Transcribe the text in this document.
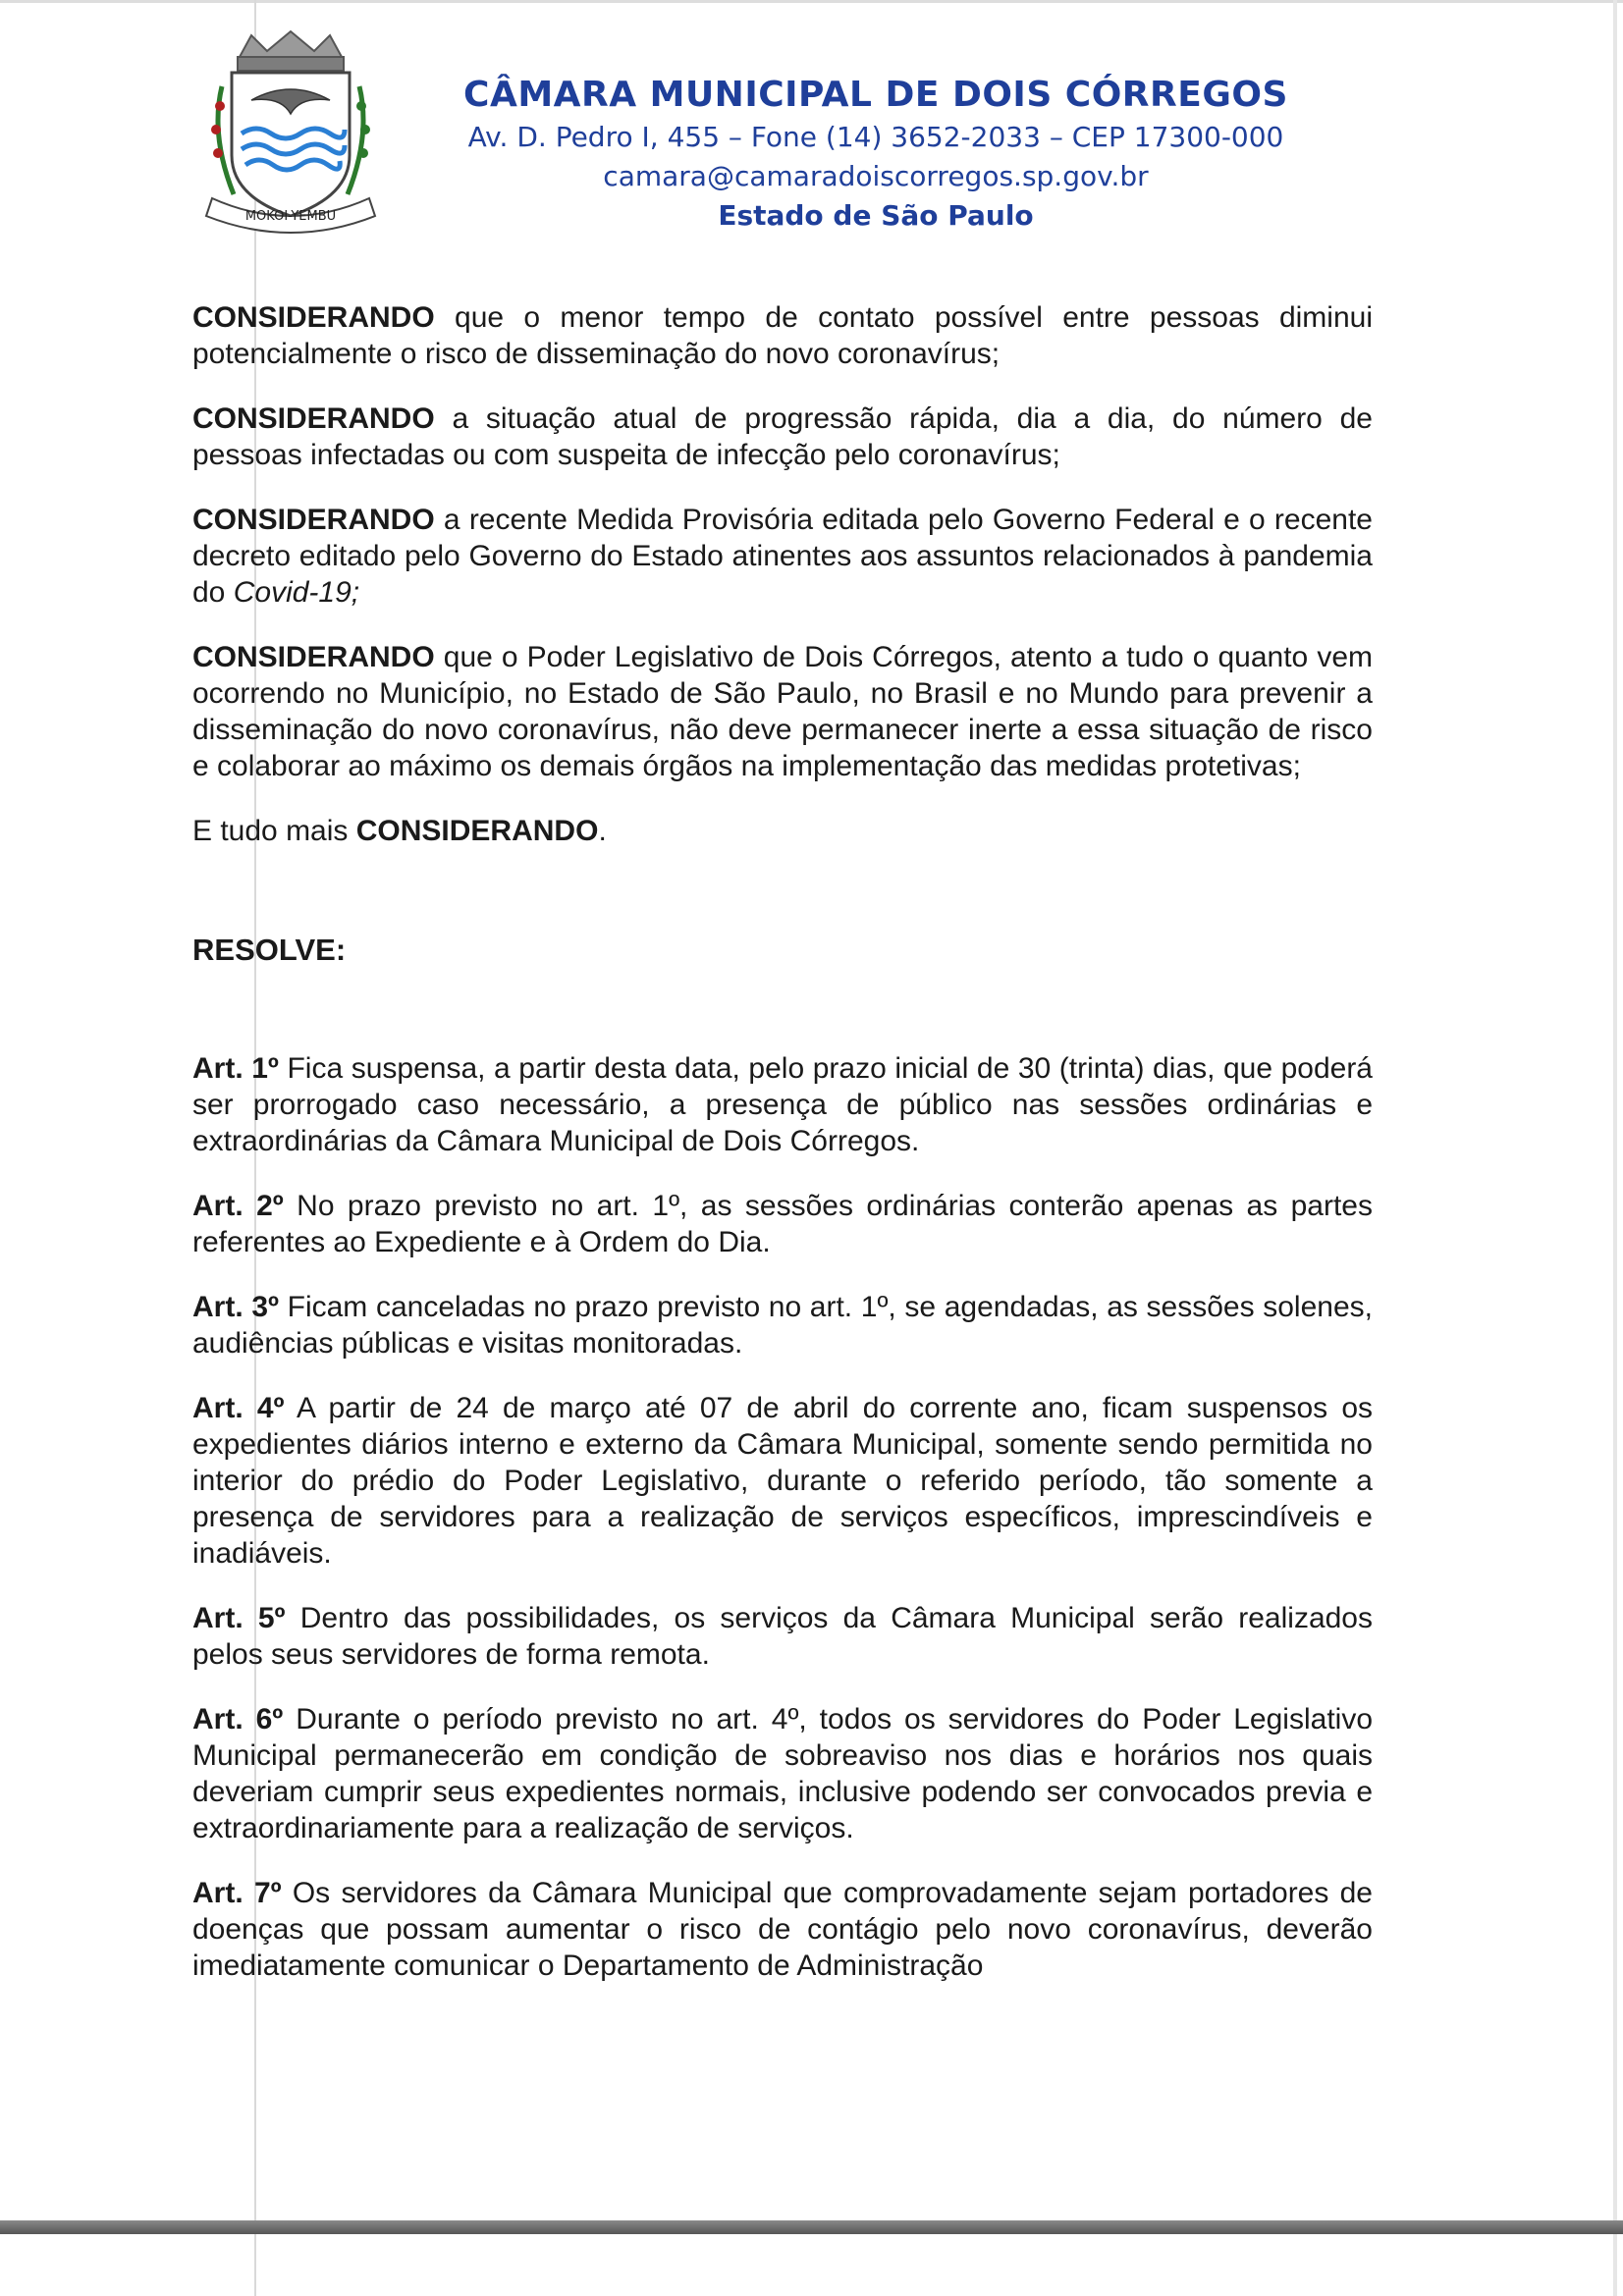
MOKOI-YEMBU
CÂMARA MUNICIPAL DE DOIS CÓRREGOS
Av. D. Pedro I, 455 – Fone (14) 3652-2033 – CEP 17300-000
camara@camaradoiscorregos.sp.gov.br
Estado de São Paulo

CONSIDERANDO que o menor tempo de contato possível entre pessoas diminui potencialmente o risco de disseminação do novo coronavírus;

CONSIDERANDO a situação atual de progressão rápida, dia a dia, do número de pessoas infectadas ou com suspeita de infecção pelo coronavírus;

CONSIDERANDO a recente Medida Provisória editada pelo Governo Federal e o recente decreto editado pelo Governo do Estado atinentes aos assuntos relacionados à pandemia do Covid-19;

CONSIDERANDO que o Poder Legislativo de Dois Córregos, atento a tudo o quanto vem ocorrendo no Município, no Estado de São Paulo, no Brasil e no Mundo para prevenir a disseminação do novo coronavírus, não deve permanecer inerte a essa situação de risco e colaborar ao máximo os demais órgãos na implementação das medidas protetivas;

E tudo mais CONSIDERANDO.

RESOLVE:

Art. 1º Fica suspensa, a partir desta data, pelo prazo inicial de 30 (trinta) dias, que poderá ser prorrogado caso necessário, a presença de público nas sessões ordinárias e extraordinárias da Câmara Municipal de Dois Córregos.

Art. 2º No prazo previsto no art. 1º, as sessões ordinárias conterão apenas as partes referentes ao Expediente e à Ordem do Dia.

Art. 3º Ficam canceladas no prazo previsto no art. 1º, se agendadas, as sessões solenes, audiências públicas e visitas monitoradas.

Art. 4º A partir de 24 de março até 07 de abril do corrente ano, ficam suspensos os expedientes diários interno e externo da Câmara Municipal, somente sendo permitida no interior do prédio do Poder Legislativo, durante o referido período, tão somente a presença de servidores para a realização de serviços específicos, imprescindíveis e inadiáveis.

Art. 5º Dentro das possibilidades, os serviços da Câmara Municipal serão realizados pelos seus servidores de forma remota.

Art. 6º Durante o período previsto no art. 4º, todos os servidores do Poder Legislativo Municipal permanecerão em condição de sobreaviso nos dias e horários nos quais deveriam cumprir seus expedientes normais, inclusive podendo ser convocados previa e extraordinariamente para a realização de serviços.

Art. 7º Os servidores da Câmara Municipal que comprovadamente sejam portadores de doenças que possam aumentar o risco de contágio pelo novo coronavírus, deverão imediatamente comunicar o Departamento de Administração
